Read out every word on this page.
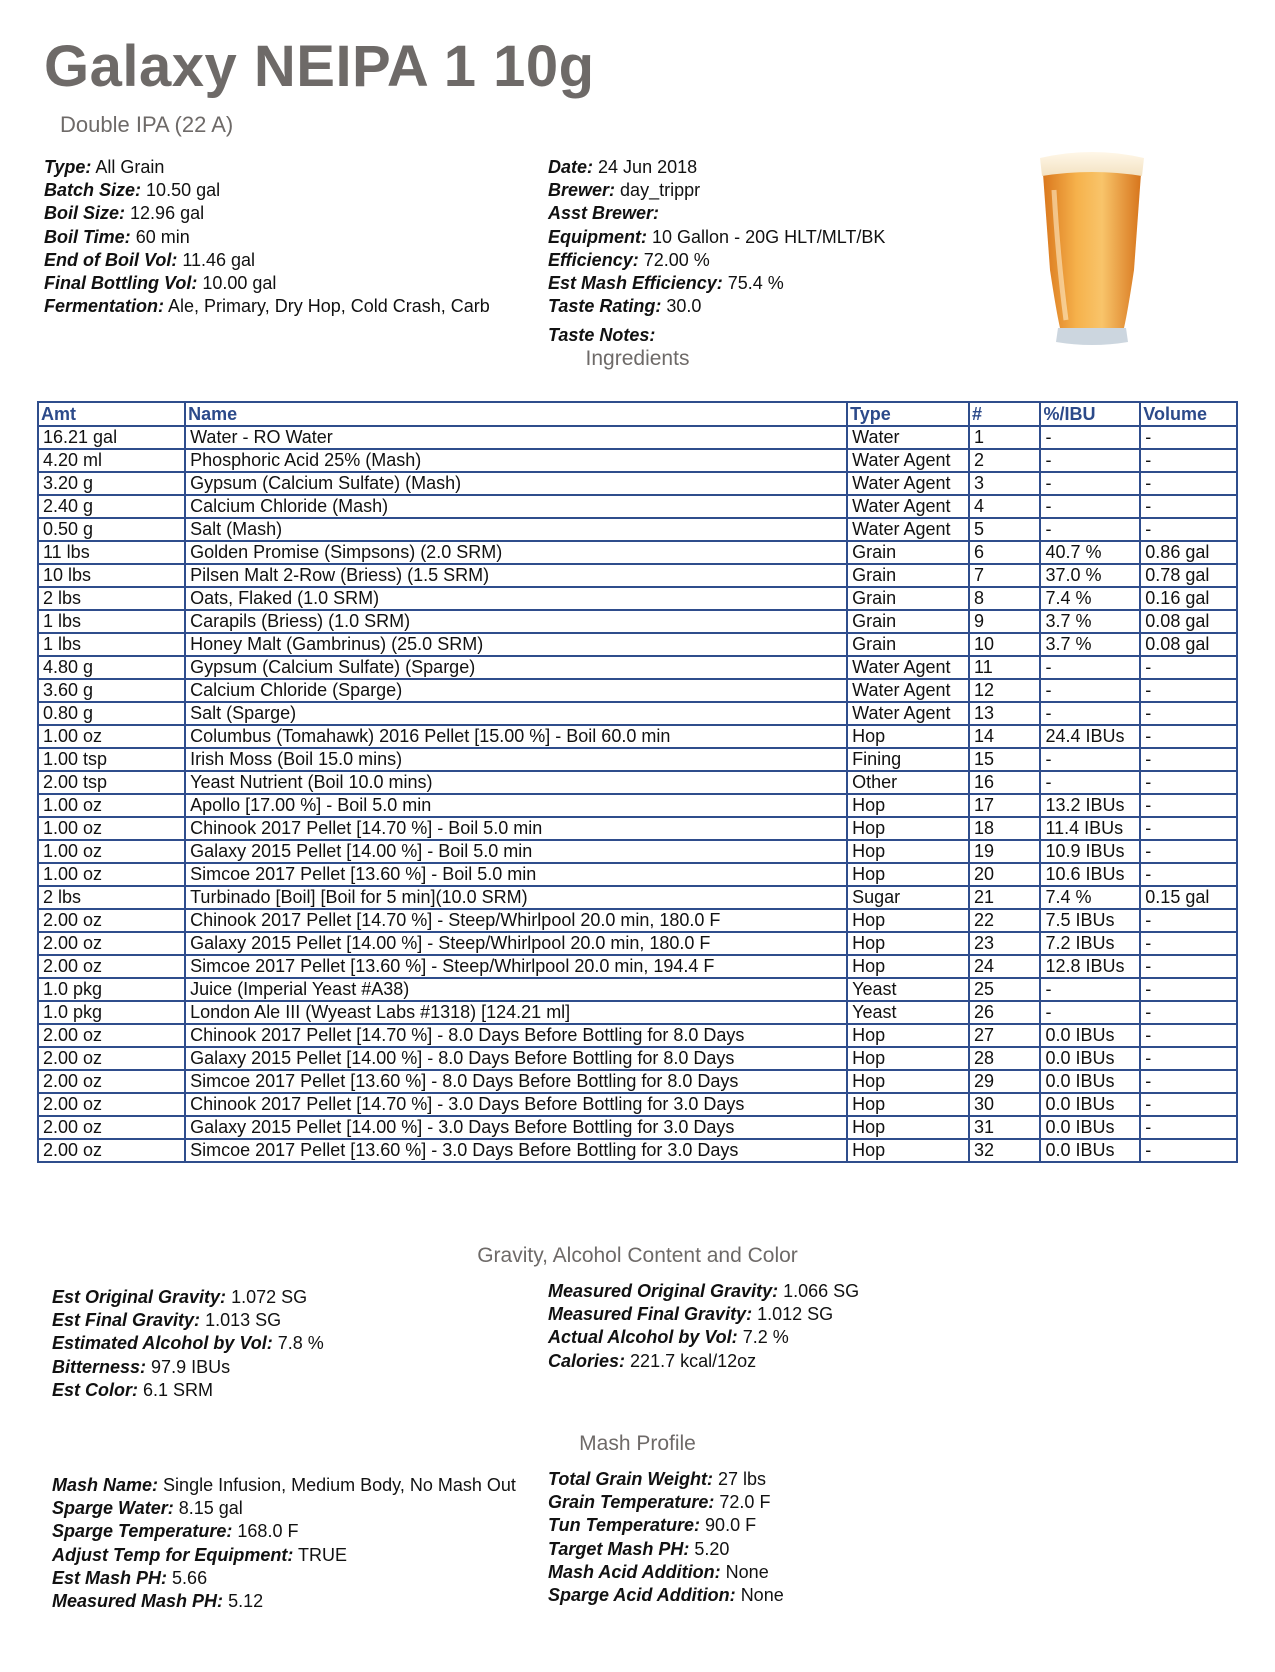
Galaxy NEIPA 1 10g
Double IPA (22 A)
Type: All Grain
Batch Size: 10.50 gal
Boil Size: 12.96 gal
Boil Time: 60 min
End of Boil Vol: 11.46 gal
Final Bottling Vol: 10.00 gal
Fermentation: Ale, Primary, Dry Hop, Cold Crash, Carb
Date: 24 Jun 2018
Brewer: day_trippr
Asst Brewer:
Equipment: 10 Gallon - 20G HLT/MLT/BK
Efficiency: 72.00 %
Est Mash Efficiency: 75.4 %
Taste Rating: 30.0
Taste Notes:
Ingredients
Amt	Name	Type	#	%/IBU	Volume
16.21 gal	Water - RO Water	Water	1	-	-
4.20 ml	Phosphoric Acid 25% (Mash)	Water Agent	2	-	-
3.20 g	Gypsum (Calcium Sulfate) (Mash)	Water Agent	3	-	-
2.40 g	Calcium Chloride (Mash)	Water Agent	4	-	-
0.50 g	Salt (Mash)	Water Agent	5	-	-
11 lbs	Golden Promise (Simpsons) (2.0 SRM)	Grain	6	40.7 %	0.86 gal
10 lbs	Pilsen Malt 2-Row (Briess) (1.5 SRM)	Grain	7	37.0 %	0.78 gal
2 lbs	Oats, Flaked (1.0 SRM)	Grain	8	7.4 %	0.16 gal
1 lbs	Carapils (Briess) (1.0 SRM)	Grain	9	3.7 %	0.08 gal
1 lbs	Honey Malt (Gambrinus) (25.0 SRM)	Grain	10	3.7 %	0.08 gal
4.80 g	Gypsum (Calcium Sulfate) (Sparge)	Water Agent	11	-	-
3.60 g	Calcium Chloride (Sparge)	Water Agent	12	-	-
0.80 g	Salt (Sparge)	Water Agent	13	-	-
1.00 oz	Columbus (Tomahawk) 2016 Pellet [15.00 %] - Boil 60.0 min	Hop	14	24.4 IBUs	-
1.00 tsp	Irish Moss (Boil 15.0 mins)	Fining	15	-	-
2.00 tsp	Yeast Nutrient (Boil 10.0 mins)	Other	16	-	-
1.00 oz	Apollo [17.00 %] - Boil 5.0 min	Hop	17	13.2 IBUs	-
1.00 oz	Chinook 2017 Pellet [14.70 %] - Boil 5.0 min	Hop	18	11.4 IBUs	-
1.00 oz	Galaxy 2015 Pellet [14.00 %] - Boil 5.0 min	Hop	19	10.9 IBUs	-
1.00 oz	Simcoe 2017 Pellet [13.60 %] - Boil 5.0 min	Hop	20	10.6 IBUs	-
2 lbs	Turbinado [Boil] [Boil for 5 min](10.0 SRM)	Sugar	21	7.4 %	0.15 gal
2.00 oz	Chinook 2017 Pellet [14.70 %] - Steep/Whirlpool 20.0 min, 180.0 F	Hop	22	7.5 IBUs	-
2.00 oz	Galaxy 2015 Pellet [14.00 %] - Steep/Whirlpool 20.0 min, 180.0 F	Hop	23	7.2 IBUs	-
2.00 oz	Simcoe 2017 Pellet [13.60 %] - Steep/Whirlpool 20.0 min, 194.4 F	Hop	24	12.8 IBUs	-
1.0 pkg	Juice (Imperial Yeast #A38)	Yeast	25	-	-
1.0 pkg	London Ale III (Wyeast Labs #1318) [124.21 ml]	Yeast	26	-	-
2.00 oz	Chinook 2017 Pellet [14.70 %] - 8.0 Days Before Bottling for 8.0 Days	Hop	27	0.0 IBUs	-
2.00 oz	Galaxy 2015 Pellet [14.00 %] - 8.0 Days Before Bottling for 8.0 Days	Hop	28	0.0 IBUs	-
2.00 oz	Simcoe 2017 Pellet [13.60 %] - 8.0 Days Before Bottling for 8.0 Days	Hop	29	0.0 IBUs	-
2.00 oz	Chinook 2017 Pellet [14.70 %] - 3.0 Days Before Bottling for 3.0 Days	Hop	30	0.0 IBUs	-
2.00 oz	Galaxy 2015 Pellet [14.00 %] - 3.0 Days Before Bottling for 3.0 Days	Hop	31	0.0 IBUs	-
2.00 oz	Simcoe 2017 Pellet [13.60 %] - 3.0 Days Before Bottling for 3.0 Days	Hop	32	0.0 IBUs	-
Gravity, Alcohol Content and Color
Est Original Gravity: 1.072 SG
Est Final Gravity: 1.013 SG
Estimated Alcohol by Vol: 7.8 %
Bitterness: 97.9 IBUs
Est Color: 6.1 SRM
Measured Original Gravity: 1.066 SG
Measured Final Gravity: 1.012 SG
Actual Alcohol by Vol: 7.2 %
Calories: 221.7 kcal/12oz
Mash Profile
Mash Name: Single Infusion, Medium Body, No Mash Out
Sparge Water: 8.15 gal
Sparge Temperature: 168.0 F
Adjust Temp for Equipment: TRUE
Est Mash PH: 5.66
Measured Mash PH: 5.12
Total Grain Weight: 27 lbs
Grain Temperature: 72.0 F
Tun Temperature: 90.0 F
Target Mash PH: 5.20
Mash Acid Addition: None
Sparge Acid Addition: None
